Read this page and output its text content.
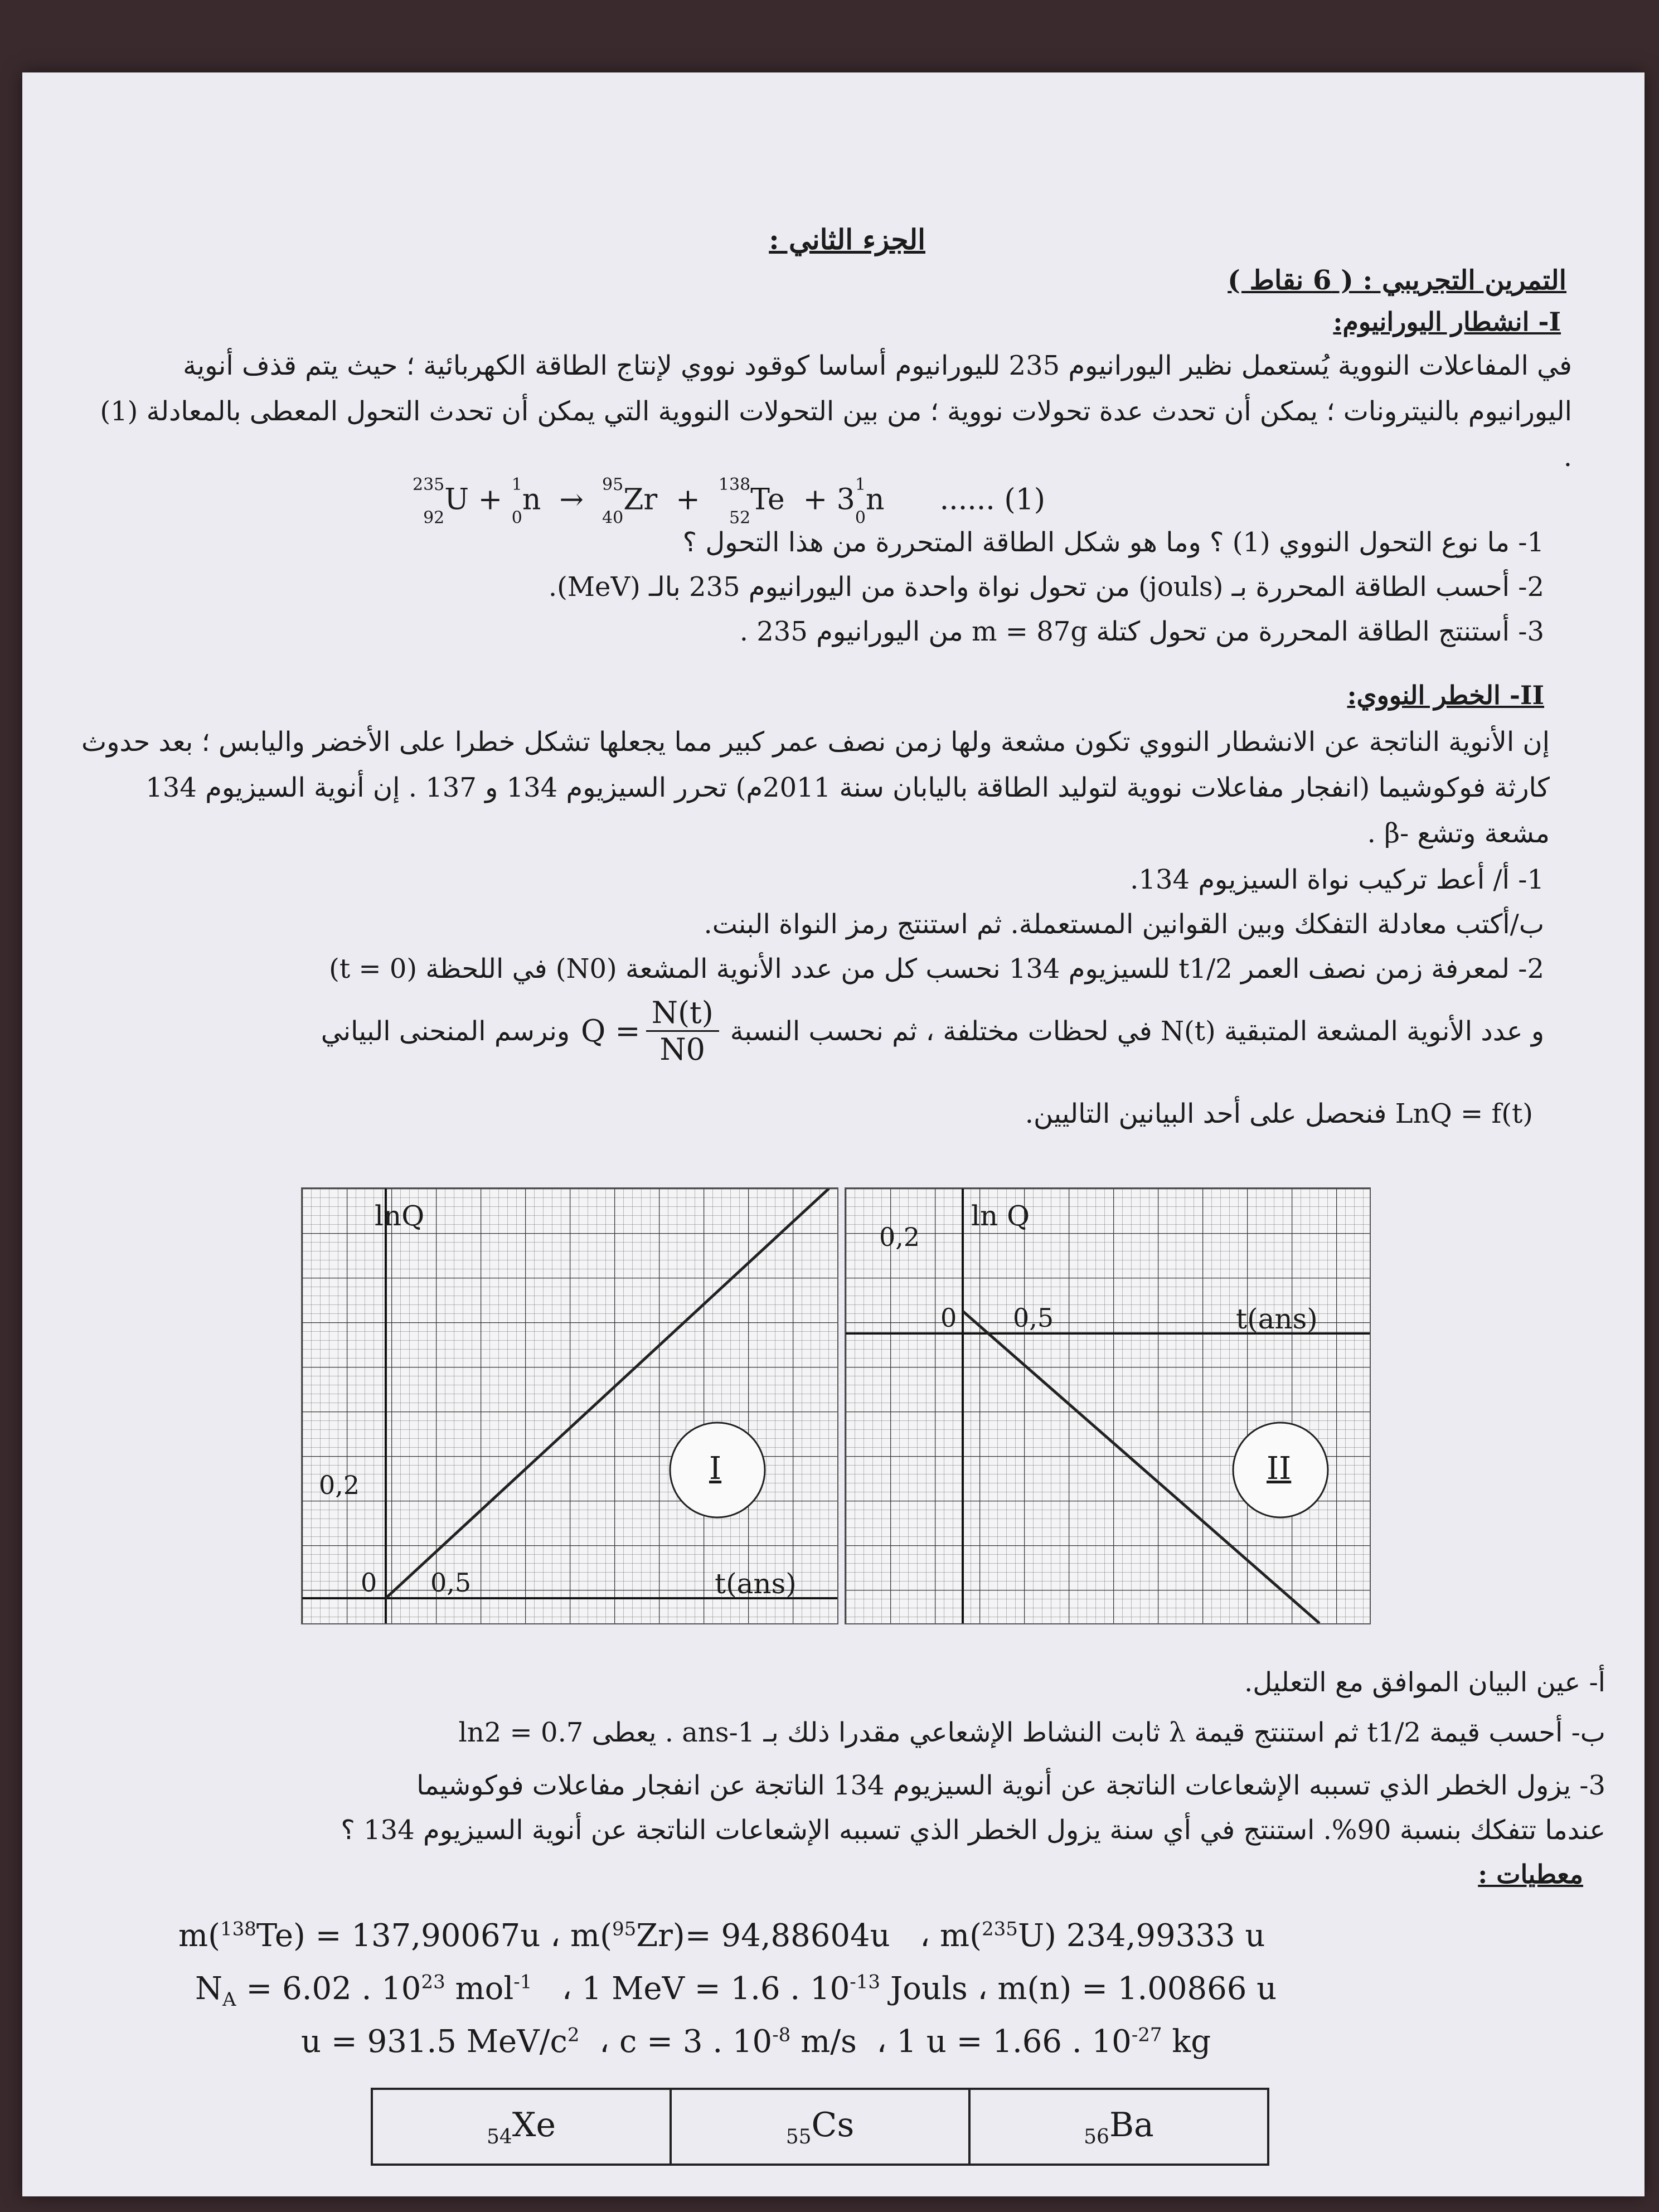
الجزء الثاني :
التمرين التجريبي : ( 6 نقاط )
I- انشطار اليورانيوم:
في المفاعلات النووية يُستعمل نظير اليورانيوم 235 لليورانيوم أساسا كوقود نووي لإنتاج الطاقة الكهربائية ؛ حيث يتم قذف أنوية اليورانيوم بالنيترونات ؛ يمكن أن تحدث عدة تحولات نووية ؛ من بين التحولات النووية التي يمكن أن تحدث التحول المعطى بالمعادلة (1) .
$^{235}$
$_{92}$U + $^1$
$_0$n → $^{95}$
$_{40}$Zr + $^{138}$
$_{52}Te + 3^1$
$_0$n ...... (1)
1- ما نوع التحول النووي (1) ؟ وما هو شكل الطاقة المتحررة من هذا التحول ؟
2- أحسب الطاقة المحررة بـ (jouls) من تحول نواة واحدة من اليورانيوم 235 بالـ (MeV).
3- أستنتج الطاقة المحررة من تحول كتلة m = 87g من اليورانيوم 235 .
II- الخطر النووي:
إن الأنوية الناتجة عن الانشطار النووي تكون مشعة ولها زمن نصف عمر كبير مما يجعلها تشكل خطرا على الأخضر واليابس ؛ بعد حدوث كارثة فوكوشيما (انفجار مفاعلات نووية لتوليد الطاقة باليابان سنة 2011م) تحرر السيزيوم 134 و 137 . إن أنوية السيزيوم 134 مشعة وتشع -β .
1- أ/ أعط تركيب نواة السيزيوم 134.
ب/أكتب معادلة التفكك وبين القوانين المستعملة. ثم استنتج رمز النواة البنت.
2- لمعرفة زمن نصف العمر t1/2 للسيزيوم 134 نحسب كل من عدد الأنوية المشعة (N0) في اللحظة (t = 0)
و عدد الأنوية المشعة المتبقية N(t) في لحظات مختلفة ، ثم نحسب النسبة
$Q = \frac{N(t)}{N0}$
ونرسم المنحنى البياني
LnQ = f(t) فنحصل على أحد البيانين التاليين.
lnQ
0,2
0 0,5	t(ans)
I
ln Q
0,2
0 0,5	t(ans)
II
أ- عين البيان الموافق مع التعليل.
ب- أحسب قيمة t1/2 ثم استنتج قيمة λ ثابت النشاط الإشعاعي مقدرا ذلك بـ ans-1 . يعطى ln2 = 0.7
3- يزول الخطر الذي تسببه الإشعاعات الناتجة عن أنوية السيزيوم 134 الناتجة عن انفجار مفاعلات فوكوشيما
عندما تتفكك بنسبة 90%. استنتج في أي سنة يزول الخطر الذي تسببه الإشعاعات الناتجة عن أنوية السيزيوم 134 ؟
معطيات :
m($^{138}$Te) = 137,90067u ، m($^{95}$Zr)= 94,88604u ، m($^{235}$U) 234,99333 u
$N_A = 6.02$ . $10^{23}$ mol$^{-1}$ ، 1 MeV = 1.6 . $10^{-13}$ Jouls ، m(n) = 1.00866 u
u = 931.5 MeV/$c^2$ ، c = 3 . $10^{-8}$ m/s ، 1 u = 1.66 . $10^{-27}$ kg
$_{54}$Xe	$_{55}$Cs	$_{56}$Ba
